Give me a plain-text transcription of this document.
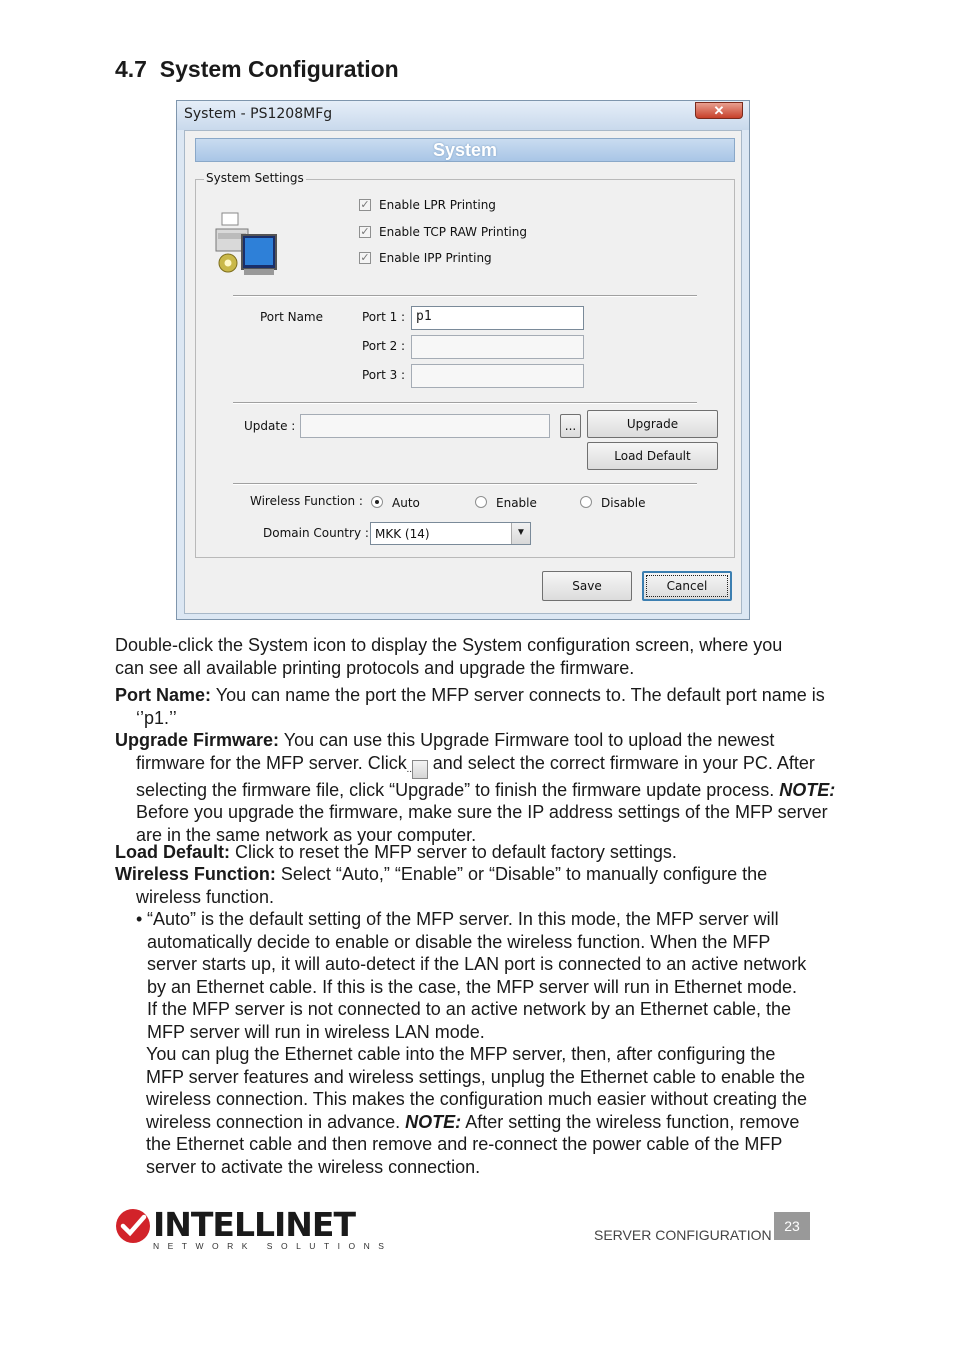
4.7 System Configuration
System - PS1208MFg	✕
System
System Settings
✓ Enable LPR Printing
✓ Enable TCP RAW Printing
✓ Enable IPP Printing
Port Name	Port 1 : p1
Port 2 :
Port 3 :
Update :	...	Upgrade
Load Default
Wireless Function : Auto	Enable	Disable
Domain Country : MKK (14)	▼
Save	Cancel
Double-click the System icon to display the System configuration screen, where you can see all available printing protocols and upgrade the firmware.
Port Name: You can name the port the MFP server connects to. The default port name is ‘’p1.’’
Upgrade Firmware: You can use this Upgrade Firmware tool to upload the newest firmware for the MFP server. Click .. and select the correct firmware in your PC. After selecting the firmware file, click “Upgrade” to finish the firmware update process. NOTE: Before you upgrade the firmware, make sure the IP address settings of the MFP server are in the same network as your computer.
Load Default: Click to reset the MFP server to default factory settings.
Wireless Function: Select “Auto,” “Enable” or “Disable” to manually configure the wireless function.
• “Auto” is the default setting of the MFP server. In this mode, the MFP server will automatically decide to enable or disable the wireless function. When the MFP server starts up, it will auto-detect if the LAN port is connected to an active network by an Ethernet cable. If this is the case, the MFP server will run in Ethernet mode. If the MFP server is not connected to an active network by an Ethernet cable, the MFP server will run in wireless LAN mode.
You can plug the Ethernet cable into the MFP server, then, after configuring the MFP server features and wireless settings, unplug the Ethernet cable to enable the wireless connection. This makes the configuration much easier without creating the wireless connection in advance. NOTE: After setting the wireless function, remove the Ethernet cable and then remove and re-connect the power cable of the MFP server to activate the wireless connection.
INTELLINET
NETWORK SOLUTIONS
SERVER CONFIGURATION
23
